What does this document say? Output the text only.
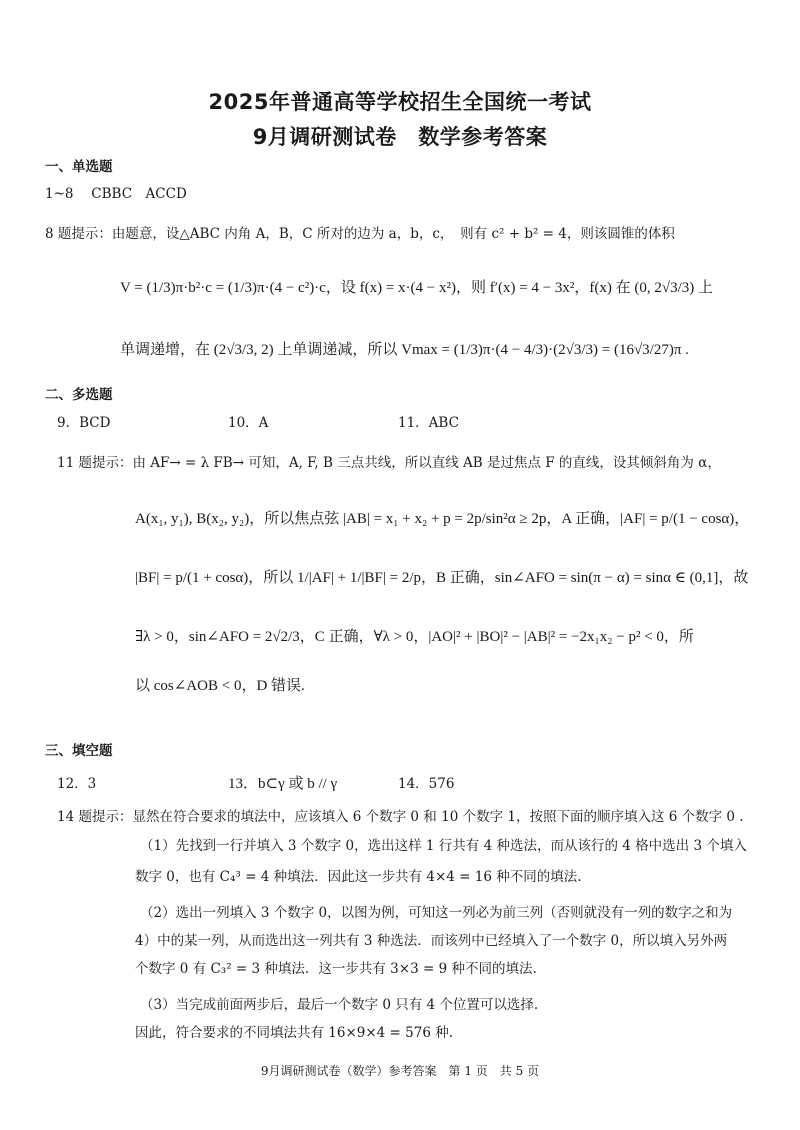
2025年普通高等学校招生全国统一考试
9月调研测试卷　数学参考答案
一、单选题
1~8　 CBBC　ACCD
8 题提示：由题意，设△ABC 内角 A，B，C 所对的边为 a，b，c，　则有 c² + b² = 4，则该圆锥的体积
V = (1/3)π·b²·c = (1/3)π·(4 − c²)·c，设 f(x) = x·(4 − x²)，则 f′(x) = 4 − 3x²，f(x) 在 (0, 2√3/3) 上
单调递增，在 (2√3/3, 2) 上单调递减，所以 Vmax = (1/3)π·(4 − 4/3)·(2√3/3) = (16√3/27)π .
二、多选题
9．BCD	10．A	11．ABC
11 题提示：由 AF→ = λ FB→ 可知，A, F, B 三点共线，所以直线 AB 是过焦点 F 的直线，设其倾斜角为 α，
A(x₁, y₁), B(x₂, y₂)，所以焦点弦 |AB| = x₁ + x₂ + p = 2p/sin²α ≥ 2p，A 正确，|AF| = p/(1 − cosα)，
|BF| = p/(1 + cosα)，所以 1/|AF| + 1/|BF| = 2/p，B 正确，sin∠AFO = sin(π − α) = sinα ∈ (0,1]，故
∃λ > 0，sin∠AFO = 2√2/3，C 正确，∀λ > 0，|AO|² + |BO|² − |AB|² = −2x₁x₂ − p² < 0，所
以 cos∠AOB < 0，D 错误.
三、填空题
12．3	13．b⊂γ 或 b // γ	14．576
14 题提示：显然在符合要求的填法中，应该填入 6 个数字 0 和 10 个数字 1，按照下面的顺序填入这 6 个数字 0 .
（1）先找到一行并填入 3 个数字 0，选出这样 1 行共有 4 种选法，而从该行的 4 格中选出 3 个填入
数字 0，也有 C₄³ = 4 种填法．因此这一步共有 4×4 = 16 种不同的填法.
（2）选出一列填入 3 个数字 0，以图为例，可知这一列必为前三列（否则就没有一列的数字之和为
4）中的某一列，从而选出这一列共有 3 种选法．而该列中已经填入了一个数字 0，所以填入另外两
个数字 0 有 C₃² = 3 种填法．这一步共有 3×3 = 9 种不同的填法.
（3）当完成前面两步后，最后一个数字 0 只有 4 个位置可以选择.
因此，符合要求的不同填法共有 16×9×4 = 576 种.
9月调研测试卷（数学）参考答案　第 1 页　共 5 页
